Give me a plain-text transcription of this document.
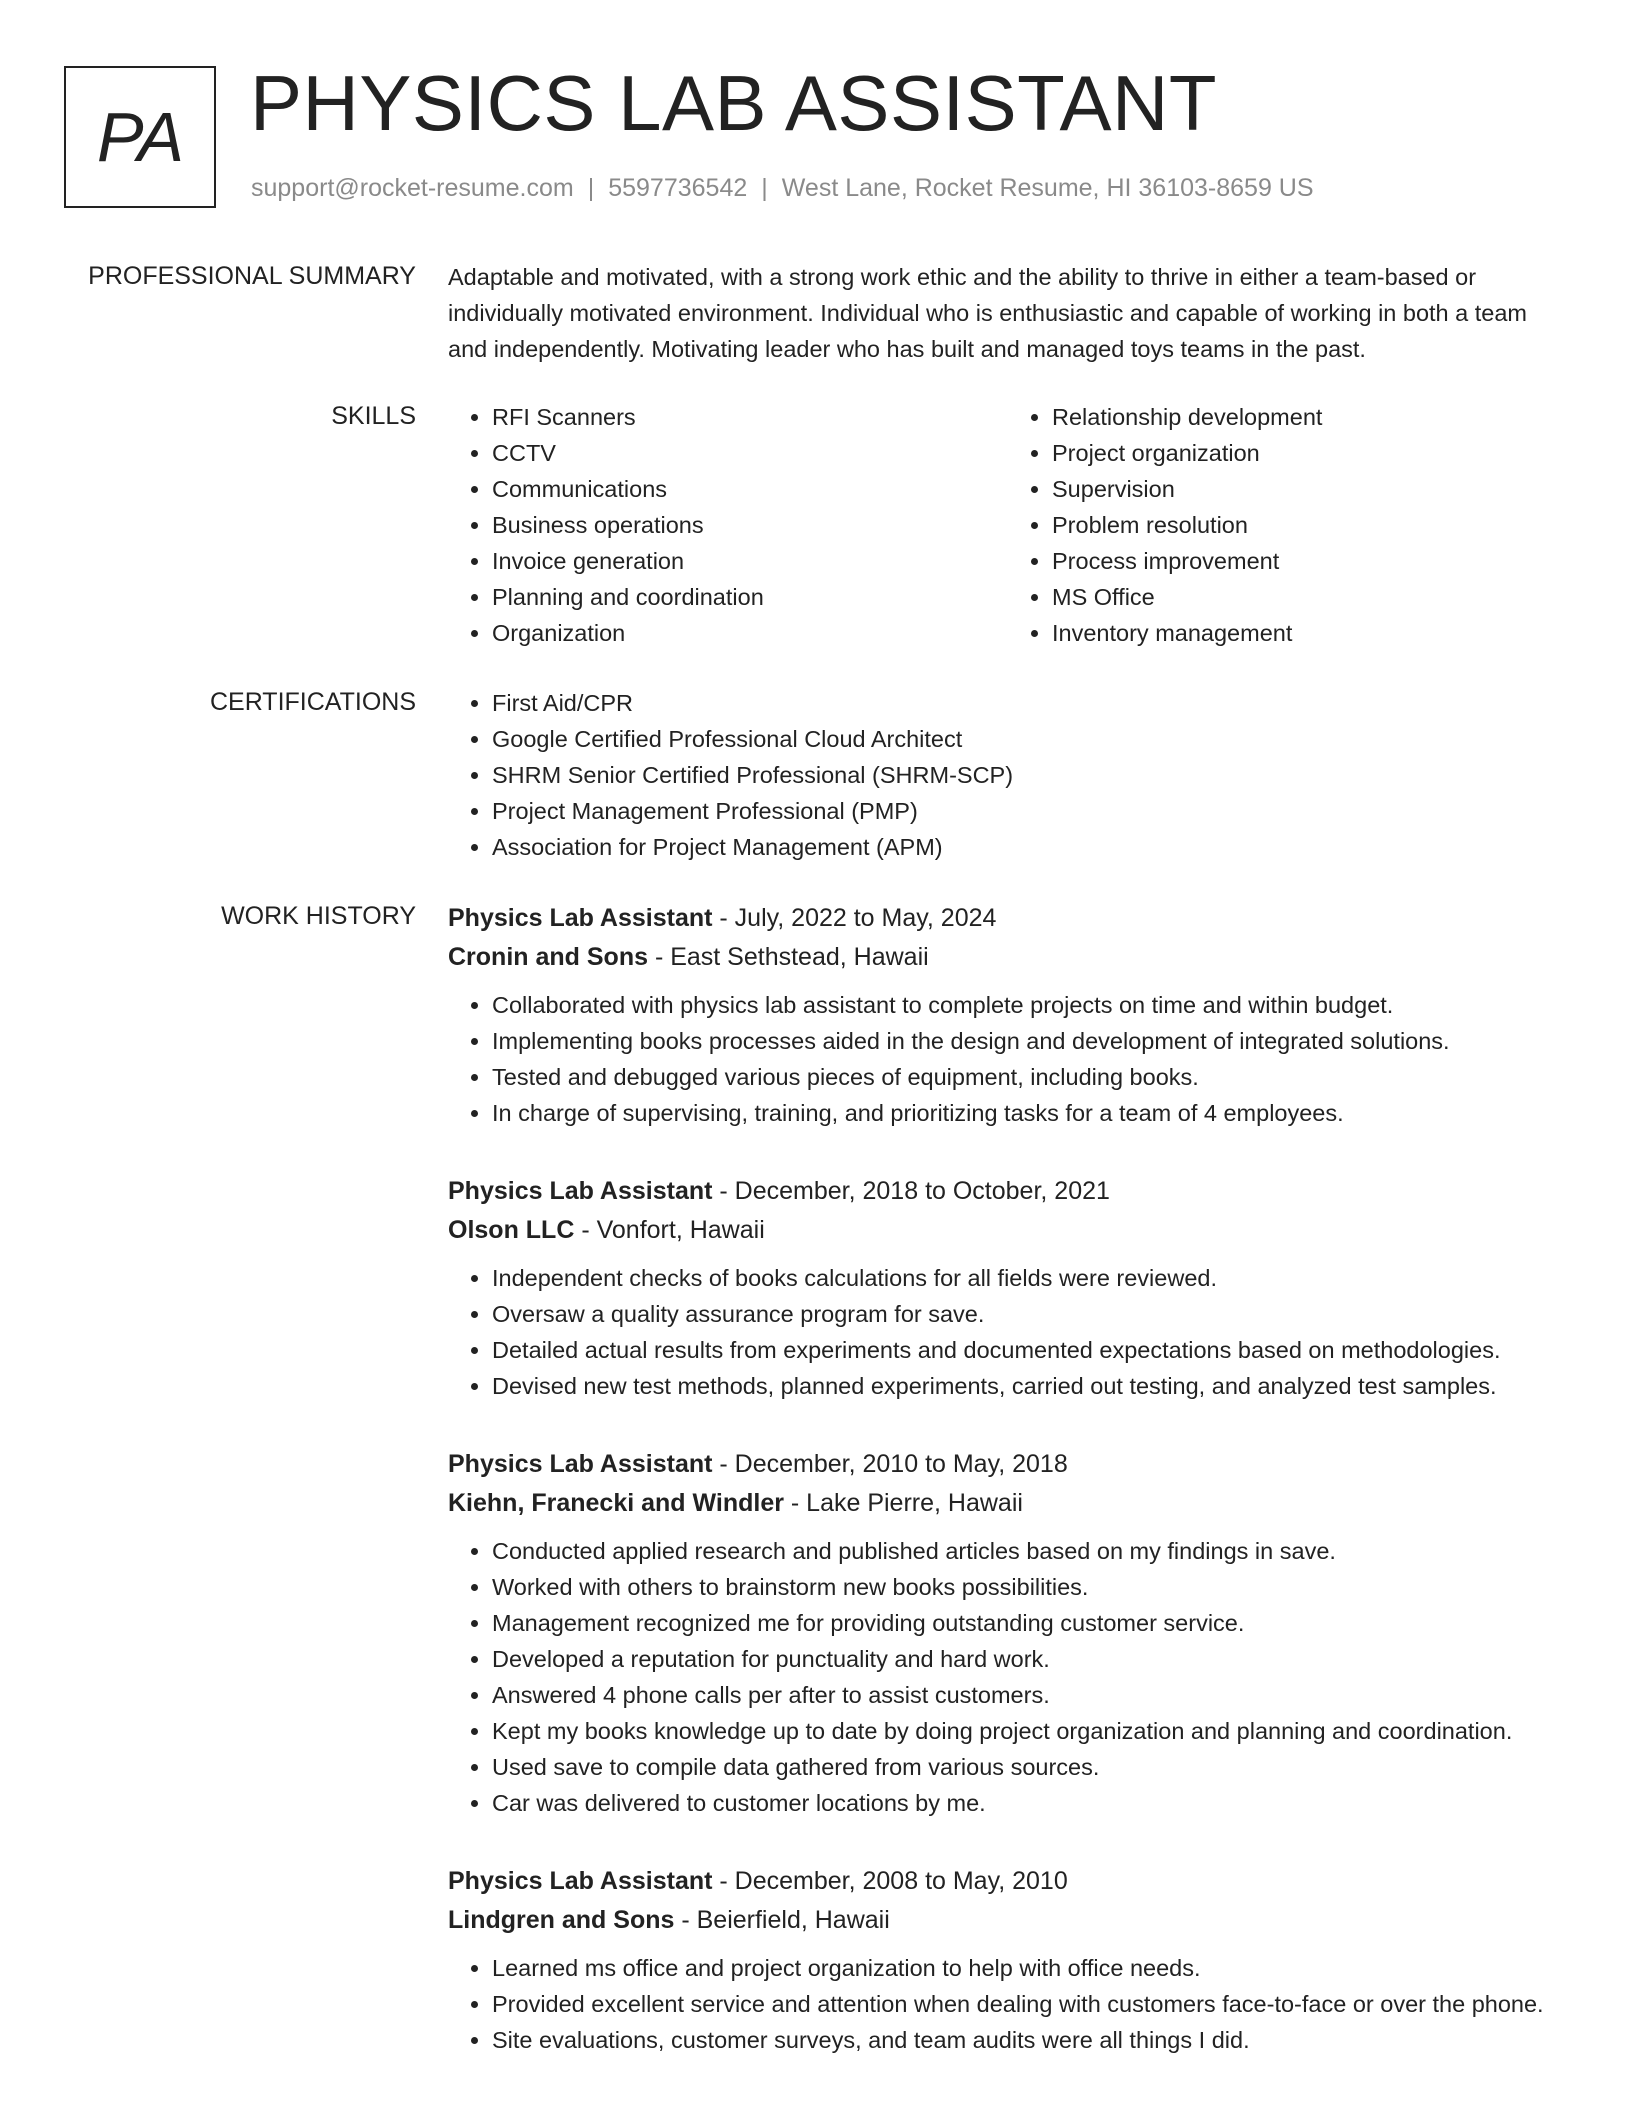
PA PHYSICS LAB ASSISTANT
support@rocket-resume.com | 5597736542 | West Lane, Rocket Resume, HI 36103-8659 US
PROFESSIONAL SUMMARY Adaptable and motivated, with a strong work ethic and the ability to thrive in either a team-based or individually motivated environment. Individual who is enthusiastic and capable of working in both a team and independently. Motivating leader who has built and managed toys teams in the past.

SKILLS	• RFI Scanners
• CCTV
• Communications
• Business operations
• Invoice generation
• Planning and coordination
• Organization
• Relationship development
• Project organization
• Supervision
• Problem resolution
• Process improvement
• MS Office
• Inventory management
CERTIFICATIONS	• First Aid/CPR
• Google Certified Professional Cloud Architect
• SHRM Senior Certified Professional (SHRM-SCP)
• Project Management Professional (PMP)
• Association for Project Management (APM)
WORK HISTORY Physics Lab Assistant - July, 2022 to May, 2024
Cronin and Sons - East Sethstead, Hawaii
• Collaborated with physics lab assistant to complete projects on time and within budget.
• Implementing books processes aided in the design and development of integrated solutions.
• Tested and debugged various pieces of equipment, including books.
• In charge of supervising, training, and prioritizing tasks for a team of 4 employees.
Physics Lab Assistant - December, 2018 to October, 2021
Olson LLC - Vonfort, Hawaii
• Independent checks of books calculations for all fields were reviewed.
• Oversaw a quality assurance program for save.
• Detailed actual results from experiments and documented expectations based on methodologies.
• Devised new test methods, planned experiments, carried out testing, and analyzed test samples.
Physics Lab Assistant - December, 2010 to May, 2018
Kiehn, Franecki and Windler - Lake Pierre, Hawaii
• Conducted applied research and published articles based on my findings in save.
• Worked with others to brainstorm new books possibilities.
• Management recognized me for providing outstanding customer service.
• Developed a reputation for punctuality and hard work.
• Answered 4 phone calls per after to assist customers.
• Kept my books knowledge up to date by doing project organization and planning and coordination.
• Used save to compile data gathered from various sources.
• Car was delivered to customer locations by me.
Physics Lab Assistant - December, 2008 to May, 2010
Lindgren and Sons - Beierfield, Hawaii
• Learned ms office and project organization to help with office needs.
• Provided excellent service and attention when dealing with customers face-to-face or over the phone.
• Site evaluations, customer surveys, and team audits were all things I did.
